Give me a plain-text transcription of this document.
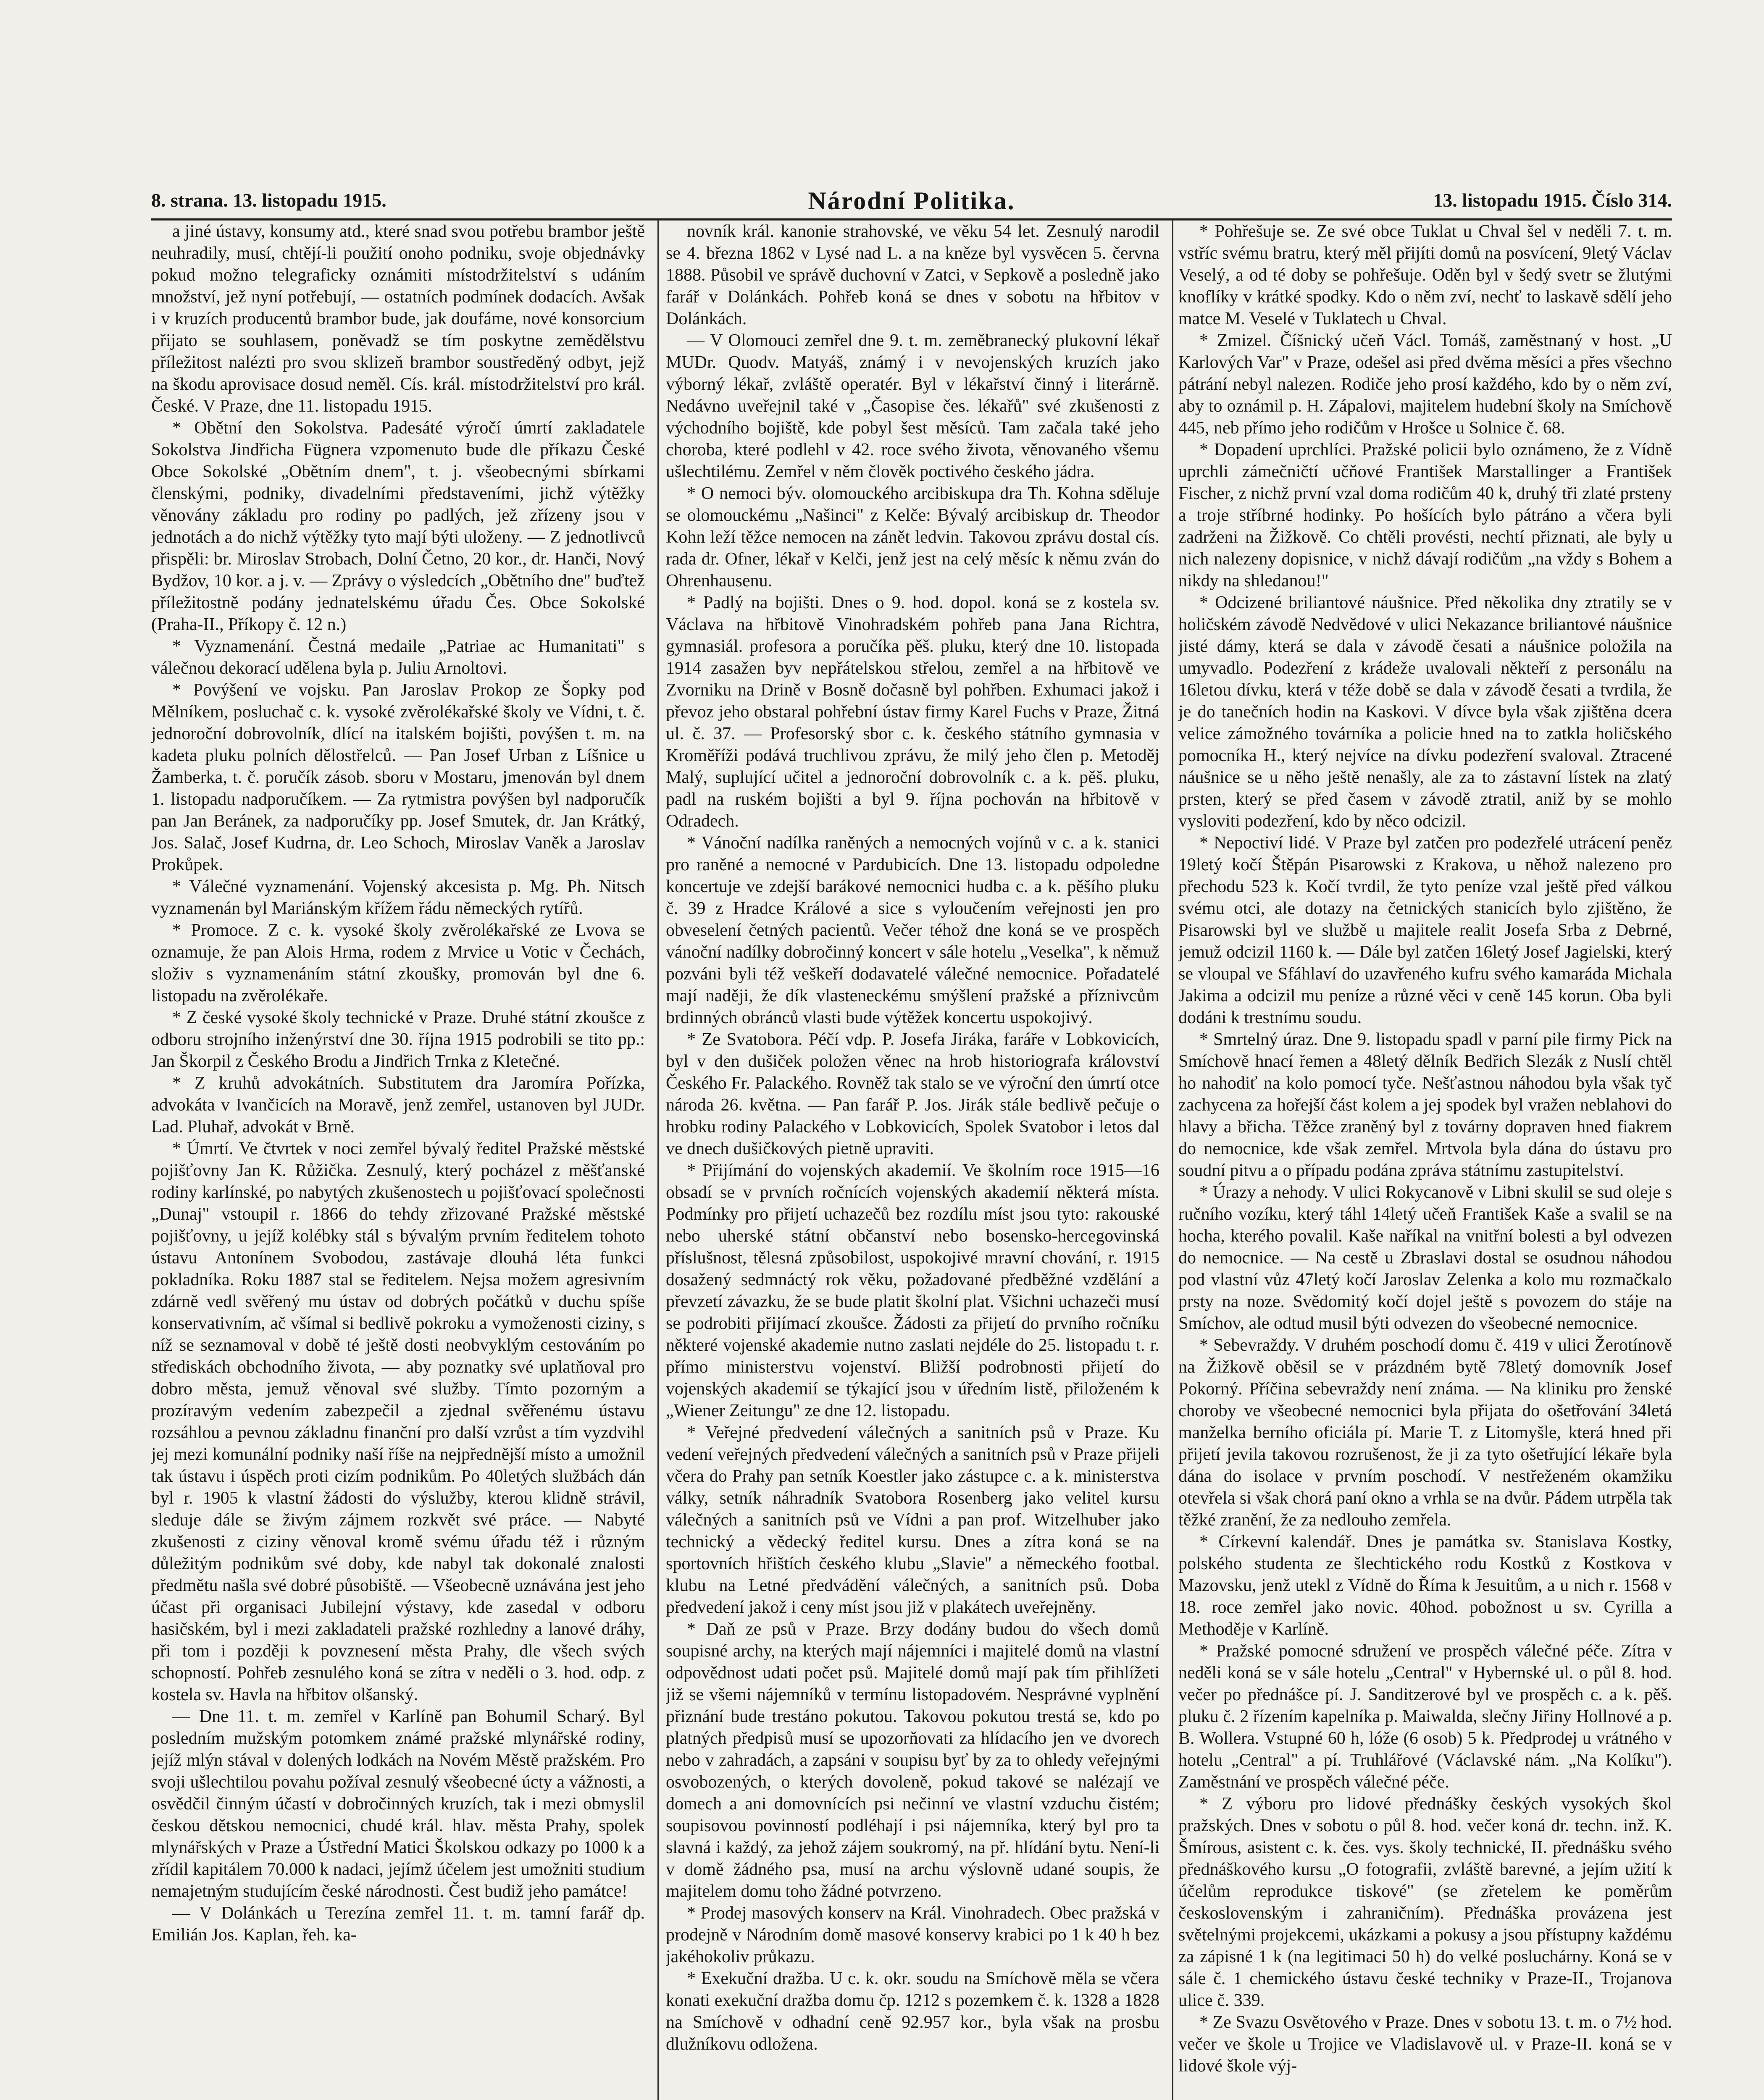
8. strana. 13. listopadu 1915.	Národní Politika.	13. listopadu 1915. Číslo 314.

a jiné ústavy, konsumy atd., které snad svou potřebu brambor ještě neuhradily, musí, chtějí-li použití onoho podniku, svoje objednávky pokud možno telegraficky oznámiti místodržitelství s udáním množství, jež nyní potřebují, — ostatních podmínek dodacích. Avšak i v kruzích producentů brambor bude, jak doufáme, nové konsorcium přijato se souhlasem, poněvadž se tím poskytne zemědělstvu příležitost nalézti pro svou sklizeň brambor soustředěný odbyt, jejž na škodu aprovisace dosud neměl. Cís. král. místodržitelství pro král. České. V Praze, dne 11. listopadu 1915.

* Obětní den Sokolstva. Padesáté výročí úmrtí zakladatele Sokolstva Jindřicha Fügnera vzpomenuto bude dle příkazu České Obce Sokolské „Obětním dnem", t. j. všeobecnými sbírkami členskými, podniky, divadelními představeními, jichž výtěžky věnovány základu pro rodiny po padlých, jež zřízeny jsou v jednotách a do nichž výtěžky tyto mají býti uloženy. — Z jednotlivců přispěli: br. Miroslav Strobach, Dolní Četno, 20 kor., dr. Hanči, Nový Bydžov, 10 kor. a j. v. — Zprávy o výsledcích „Obětního dne" buďtež příležitostně podány jednatelskému úřadu Čes. Obce Sokolské (Praha-II., Příkopy č. 12 n.)

* Vyznamenání. Čestná medaile „Patriae ac Humanitati" s válečnou dekorací udělena byla p. Juliu Arnoltovi.

* Povýšení ve vojsku. Pan Jaroslav Prokop ze Šopky pod Mělníkem, posluchač c. k. vysoké zvěrolékařské školy ve Vídni, t. č. jednoroční dobrovolník, dlící na italském bojišti, povýšen t. m. na kadeta pluku polních dělostřelců. — Pan Josef Urban z Líšnice u Žamberka, t. č. poručík zásob. sboru v Mostaru, jmenován byl dnem 1. listopadu nadporučíkem. — Za rytmistra povýšen byl nadporučík pan Jan Beránek, za nadporučíky pp. Josef Smutek, dr. Jan Krátký, Jos. Salač, Josef Kudrna, dr. Leo Schoch, Miroslav Vaněk a Jaroslav Prokůpek.

* Válečné vyznamenání. Vojenský akcesista p. Mg. Ph. Nitsch vyznamenán byl Mariánským křížem řádu německých rytířů.

* Promoce. Z c. k. vysoké školy zvěrolékařské ze Lvova se oznamuje, že pan Alois Hrma, rodem z Mrvice u Votic v Čechách, složiv s vyznamenáním státní zkoušky, promován byl dne 6. listopadu na zvěrolékaře.

* Z české vysoké školy technické v Praze. Druhé státní zkoušce z odboru strojního inženýrství dne 30. října 1915 podrobili se tito pp.: Jan Škorpil z Českého Brodu a Jindřich Trnka z Kletečné.

* Z kruhů advokátních. Substitutem dra Jaromíra Pořízka, advokáta v Ivančicích na Moravě, jenž zemřel, ustanoven byl JUDr. Lad. Pluhař, advokát v Brně.

* Úmrtí. Ve čtvrtek v noci zemřel bývalý ředitel Pražské městské pojišťovny Jan K. Růžička. Zesnulý, který pocházel z měšťanské rodiny karlínské, po nabytých zkušenostech u pojišťovací společnosti „Dunaj" vstoupil r. 1866 do tehdy zřizované Pražské městské pojišťovny, u jejíž kolébky stál s bývalým prvním ředitelem tohoto ústavu Antonínem Svobodou, zastávaje dlouhá léta funkci pokladníka. Roku 1887 stal se ředitelem. Nejsa možem agresivním zdárně vedl svěřený mu ústav od dobrých počátků v duchu spíše konservativním, ač všímal si bedlivě pokroku a vymoženosti ciziny, s níž se seznamoval v době té ještě dosti neobvyklým cestováním po střediskách obchodního života, — aby poznatky své uplatňoval pro dobro města, jemuž věnoval své služby. Tímto pozorným a prozíravým vedením zabezpečil a zjednal svěřenému ústavu rozsáhlou a pevnou základnu finanční pro další vzrůst a tím vyzdvihl jej mezi komunální podniky naší říše na nejpřednější místo a umožnil tak ústavu i úspěch proti cizím podnikům. Po 40letých službách dán byl r. 1905 k vlastní žádosti do výslužby, kterou klidně strávil, sleduje dále se živým zájmem rozkvět své práce. — Nabyté zkušenosti z ciziny věnoval kromě svému úřadu též i různým důležitým podnikům své doby, kde nabyl tak dokonalé znalosti předmětu našla své dobré působiště. — Všeobecně uznávána jest jeho účast při organisaci Jubilejní výstavy, kde zasedal v odboru hasičském, byl i mezi zakladateli pražské rozhledny a lanové dráhy, při tom i později k povznesení města Prahy, dle všech svých schopností. Pohřeb zesnulého koná se zítra v neděli o 3. hod. odp. z kostela sv. Havla na hřbitov olšanský.

— Dne 11. t. m. zemřel v Karlíně pan Bohumil Scharý. Byl posledním mužským potomkem známé pražské mlynářské rodiny, jejíž mlýn stával v dolených lodkách na Novém Městě pražském. Pro svoji ušlechtilou povahu požíval zesnulý všeobecné úcty a vážnosti, a osvědčil činným účastí v dobročinných kruzích, tak i mezi obmyslil českou dětskou nemocnici, chudé král. hlav. města Prahy, spolek mlynářských v Praze a Ústřední Matici Školskou odkazy po 1000 k a zřídil kapitálem 70.000 k nadaci, jejímž účelem jest umožniti studium nemajetným studujícím české národnosti. Čest budiž jeho památce!

— V Dolánkách u Terezína zemřel 11. t. m. tamní farář dp. Emilián Jos. Kaplan, řeh. ka-

novník král. kanonie strahovské, ve věku 54 let. Zesnulý narodil se 4. března 1862 v Lysé nad L. a na kněze byl vysvěcen 5. června 1888. Působil ve správě duchovní v Zatci, v Sepkově a posledně jako farář v Dolánkách. Pohřeb koná se dnes v sobotu na hřbitov v Dolánkách.

— V Olomouci zemřel dne 9. t. m. zeměbranecký plukovní lékař MUDr. Quodv. Matyáš, známý i v nevojenských kruzích jako výborný lékař, zvláště operatér. Byl v lékařství činný i literárně. Nedávno uveřejnil také v „Časopise čes. lékařů" své zkušenosti z východního bojiště, kde pobyl šest měsíců. Tam začala také jeho choroba, které podlehl v 42. roce svého života, věnovaného všemu ušlechtilému. Zemřel v něm člověk poctivého českého jádra.

* O nemoci býv. olomouckého arcibiskupa dra Th. Kohna sděluje se olomouckému „Našinci" z Kelče: Bývalý arcibiskup dr. Theodor Kohn leží těžce nemocen na zánět ledvin. Takovou zprávu dostal cís. rada dr. Ofner, lékař v Kelči, jenž jest na celý měsíc k němu zván do Ohrenhausenu.

* Padlý na bojišti. Dnes o 9. hod. dopol. koná se z kostela sv. Václava na hřbitově Vinohradském pohřeb pana Jana Richtra, gymnasiál. profesora a poručíka pěš. pluku, který dne 10. listopada 1914 zasažen byv nepřátelskou střelou, zemřel a na hřbitově ve Zvorniku na Drině v Bosně dočasně byl pohřben. Exhumaci jakož i převoz jeho obstaral pohřební ústav firmy Karel Fuchs v Praze, Žitná ul. č. 37. — Profesorský sbor c. k. českého státního gymnasia v Kroměříži podává truchlivou zprávu, že milý jeho člen p. Metoděj Malý, suplující učitel a jednoroční dobrovolník c. a k. pěš. pluku, padl na ruském bojišti a byl 9. října pochován na hřbitově v Odradech.

* Vánoční nadílka raněných a nemocných vojínů v c. a k. stanici pro raněné a nemocné v Pardubicích. Dne 13. listopadu odpoledne koncertuje ve zdejší barákové nemocnici hudba c. a k. pěšího pluku č. 39 z Hradce Králové a sice s vyloučením veřejnosti jen pro obveselení četných pacientů. Večer téhož dne koná se ve prospěch vánoční nadílky dobročinný koncert v sále hotelu „Veselka", k němuž pozváni byli též veškeří dodavatelé válečné nemocnice. Pořadatelé mají naději, že dík vlasteneckému smýšlení pražské a příznivcům brdinných obránců vlasti bude výtěžek koncertu uspokojivý.

* Ze Svatobora. Péčí vdp. P. Josefa Jiráka, faráře v Lobkovicích, byl v den dušiček položen věnec na hrob historiografa království Českého Fr. Palackého. Rovněž tak stalo se ve výroční den úmrtí otce národa 26. května. — Pan farář P. Jos. Jirák stále bedlivě pečuje o hrobku rodiny Palackého v Lobkovicích, Spolek Svatobor i letos dal ve dnech dušičkových pietně upraviti.

* Přijímání do vojenských akademií. Ve školním roce 1915—16 obsadí se v prvních ročnících vojenských akademií některá místa. Podmínky pro přijetí uchazečů bez rozdílu míst jsou tyto: rakouské nebo uherské státní občanství nebo bosensko-hercegovinská příslušnost, tělesná způsobilost, uspokojivé mravní chování, r. 1915 dosažený sedmnáctý rok věku, požadované předběžné vzdělání a převzetí závazku, že se bude platit školní plat. Všichni uchazeči musí se podrobiti přijímací zkoušce. Žádosti za přijetí do prvního ročníku některé vojenské akademie nutno zaslati nejdéle do 25. listopadu t. r. přímo ministerstvu vojenství. Bližší podrobnosti přijetí do vojenských akademií se týkající jsou v úředním listě, přiloženém k „Wiener Zeitungu" ze dne 12. listopadu.

* Veřejné předvedení válečných a sanitních psů v Praze. Ku vedení veřejných předvedení válečných a sanitních psů v Praze přijeli včera do Prahy pan setník Koestler jako zástupce c. a k. ministerstva války, setník náhradník Svatobora Rosenberg jako velitel kursu válečných a sanitních psů ve Vídni a pan prof. Witzelhuber jako technický a vědecký ředitel kursu. Dnes a zítra koná se na sportovních hřištích českého klubu „Slavie" a německého footbal. klubu na Letné předvádění válečných, a sanitních psů. Doba předvedení jakož i ceny míst jsou již v plakátech uveřejněny.

* Daň ze psů v Praze. Brzy dodány budou do všech domů soupisné archy, na kterých mají nájemníci i majitelé domů na vlastní odpovědnost udati počet psů. Majitelé domů mají pak tím přihlížeti již se všemi nájemníků v termínu listopadovém. Nesprávné vyplnění přiznání bude trestáno pokutou. Takovou pokutou trestá se, kdo po platných předpisů musí se upozorňovati za hlídacího jen ve dvorech nebo v zahradách, a zapsáni v soupisu byť by za to ohledy veřejnými osvobozených, o kterých dovoleně, pokud takové se nalézají ve domech a ani domovnících psi nečinní ve vlastní vzduchu čistém; soupisovou povinností podléhají i psi nájemníka, který byl pro ta slavná i každý, za jehož zájem soukromý, na př. hlídání bytu. Není-li v domě žádného psa, musí na archu výslovně udané soupis, že majitelem domu toho žádné potvrzeno.

* Prodej masových konserv na Král. Vinohradech. Obec pražská v prodejně v Národním domě masové konservy krabici po 1 k 40 h bez jakéhokoliv průkazu.

* Exekuční dražba. U c. k. okr. soudu na Smíchově měla se včera konati exekuční dražba domu čp. 1212 s pozemkem č. k. 1328 a 1828 na Smíchově v odhadní ceně 92.957 kor., byla však na prosbu dlužníkovu odložena.

* Pohřešuje se. Ze své obce Tuklat u Chval šel v neděli 7. t. m. vstříc svému bratru, který měl přijíti domů na posvícení, 9letý Václav Veselý, a od té doby se pohřešuje. Oděn byl v šedý svetr se žlutými knoflíky v krátké spodky. Kdo o něm zví, nechť to laskavě sdělí jeho matce M. Veselé v Tuklatech u Chval.

* Zmizel. Číšnický učeň Václ. Tomáš, zaměstnaný v host. „U Karlových Var" v Praze, odešel asi před dvěma měsíci a přes všechno pátrání nebyl nalezen. Rodiče jeho prosí každého, kdo by o něm zví, aby to oznámil p. H. Zápalovi, majitelem hudební školy na Smíchově 445, neb přímo jeho rodičům v Hrošce u Solnice č. 68.

* Dopadení uprchlíci. Pražské policii bylo oznámeno, že z Vídně uprchli zámečničtí učňové František Marstallinger a František Fischer, z nichž první vzal doma rodičům 40 k, druhý tři zlaté prsteny a troje stříbrné hodinky. Po hošících bylo pátráno a včera byli zadrženi na Žižkově. Co chtěli provésti, nechtí přiznati, ale byly u nich nalezeny dopisnice, v nichž dávají rodičům „na vždy s Bohem a nikdy na shledanou!"

* Odcizené briliantové náušnice. Před několika dny ztratily se v holičském závodě Nedvědové v ulici Nekazance briliantové náušnice jisté dámy, která se dala v závodě česati a náušnice položila na umyvadlo. Podezření z krádeže uvalovali někteří z personálu na 16letou dívku, která v téže době se dala v závodě česati a tvrdila, že je do tanečních hodin na Kaskovi. V dívce byla však zjištěna dcera velice zámožného továrníka a policie hned na to zatkla holičského pomocníka H., který nejvíce na dívku podezření svaloval. Ztracené náušnice se u něho ještě nenašly, ale za to zástavní lístek na zlatý prsten, který se před časem v závodě ztratil, aniž by se mohlo vysloviti podezření, kdo by něco odcizil.

* Nepoctiví lidé. V Praze byl zatčen pro podezřelé utrácení peněz 19letý kočí Štěpán Pisarowski z Krakova, u něhož nalezeno pro přechodu 523 k. Kočí tvrdil, že tyto peníze vzal ještě před válkou svému otci, ale dotazy na četnických stanicích bylo zjištěno, že Pisarowski byl ve službě u majitele realit Josefa Srba z Debrné, jemuž odcizil 1160 k. — Dále byl zatčen 16letý Josef Jagielski, který se vloupal ve Sfáhlaví do uzavřeného kufru svého kamaráda Michala Jakima a odcizil mu peníze a různé věci v ceně 145 korun. Oba byli dodáni k trestnímu soudu.

* Smrtelný úraz. Dne 9. listopadu spadl v parní pile firmy Pick na Smíchově hnací řemen a 48letý dělník Bedřich Slezák z Nuslí chtěl ho nahodiť na kolo pomocí tyče. Nešťastnou náhodou byla však tyč zachycena za hořejší část kolem a jej spodek byl vražen neblahovi do hlavy a břicha. Těžce zraněný byl z továrny dopraven hned fiakrem do nemocnice, kde však zemřel. Mrtvola byla dána do ústavu pro soudní pitvu a o případu podána zpráva státnímu zastupitelství.

* Úrazy a nehody. V ulici Rokycanově v Libni skulil se sud oleje s ručního vozíku, který táhl 14letý učeň František Kaše a svalil se na hocha, kterého povalil. Kaše naříkal na vnitřní bolesti a byl odvezen do nemocnice. — Na cestě u Zbraslavi dostal se osudnou náhodou pod vlastní vůz 47letý kočí Jaroslav Zelenka a kolo mu rozmačkalo prsty na noze. Svědomitý kočí dojel ještě s povozem do stáje na Smíchov, ale odtud musil býti odvezen do všeobecné nemocnice.

* Sebevraždy. V druhém poschodí domu č. 419 v ulici Žerotínově na Žižkově oběsil se v prázdném bytě 78letý domovník Josef Pokorný. Příčina sebevraždy není známa. — Na kliniku pro ženské choroby ve všeobecné nemocnici byla přijata do ošetřování 34letá manželka berního oficiála pí. Marie T. z Litomyšle, která hned při přijetí jevila takovou rozrušenost, že ji za tyto ošetřující lékaře byla dána do isolace v prvním poschodí. V nestřeženém okamžiku otevřela si však chorá paní okno a vrhla se na dvůr. Pádem utrpěla tak těžké zranění, že za nedlouho zemřela.

* Církevní kalendář. Dnes je památka sv. Stanislava Kostky, polského studenta ze šlechtického rodu Kostků z Kostkova v Mazovsku, jenž utekl z Vídně do Říma k Jesuitům, a u nich r. 1568 v 18. roce zemřel jako novic. 40hod. pobožnost u sv. Cyrilla a Methoděje v Karlíně.

* Pražské pomocné sdružení ve prospěch válečné péče. Zítra v neděli koná se v sále hotelu „Central" v Hybernské ul. o půl 8. hod. večer po přednášce pí. J. Sanditzerové byl ve prospěch c. a k. pěš. pluku č. 2 řízením kapelníka p. Maiwalda, slečny Jiřiny Hollnové a p. B. Wollera. Vstupné 60 h, lóže (6 osob) 5 k. Předprodej u vrátného v hotelu „Central" a pí. Truhlářové (Václavské nám. „Na Kolíku"). Zaměstnání ve prospěch válečné péče.

* Z výboru pro lidové přednášky českých vysokých škol pražských. Dnes v sobotu o půl 8. hod. večer koná dr. techn. inž. K. Šmírous, asistent c. k. čes. vys. školy technické, II. přednášku svého přednáškového kursu „O fotografii, zvláště barevné, a jejím užití k účelům reprodukce tiskové" (se zřetelem ke poměrům československým i zahraničním). Přednáška provázena jest světelnými projekcemi, ukázkami a pokusy a jsou přístupny každému za zápisné 1 k (na legitimaci 50 h) do velké posluchárny. Koná se v sále č. 1 chemického ústavu české techniky v Praze-II., Trojanova ulice č. 339.

* Ze Svazu Osvětového v Praze. Dnes v sobotu 13. t. m. o 7½ hod. večer ve škole u Trojice ve Vladislavově ul. v Praze-II. koná se v lidové škole výj-
